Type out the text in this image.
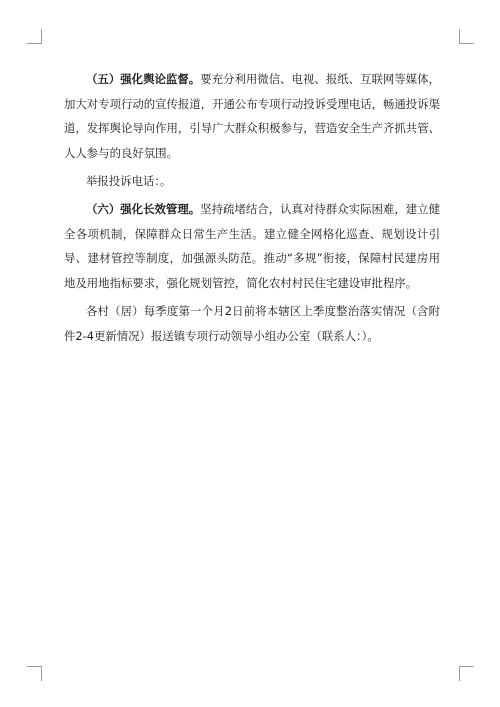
（五）强化舆论监督。要充分利用微信、电视、报纸、互联网等媒体，加大对专项行动的宣传报道，开通公布专项行动投诉受理电话，畅通投诉渠道，发挥舆论导向作用，引导广大群众积极参与，营造安全生产齐抓共管、人人参与的良好氛围。

举报投诉电话：。

（六）强化长效管理。坚持疏堵结合，认真对待群众实际困难，建立健全各项机制，保障群众日常生产生活。建立健全网格化巡查、规划设计引导、建材管控等制度，加强源头防范。推动“多规”衔接，保障村民建房用地及用地指标要求，强化规划管控，简化农村村民住宅建设审批程序。

各村（居）每季度第一个月2日前将本辖区上季度整治落实情况（含附件2-4更新情况）报送镇专项行动领导小组办公室（联系人：）。
